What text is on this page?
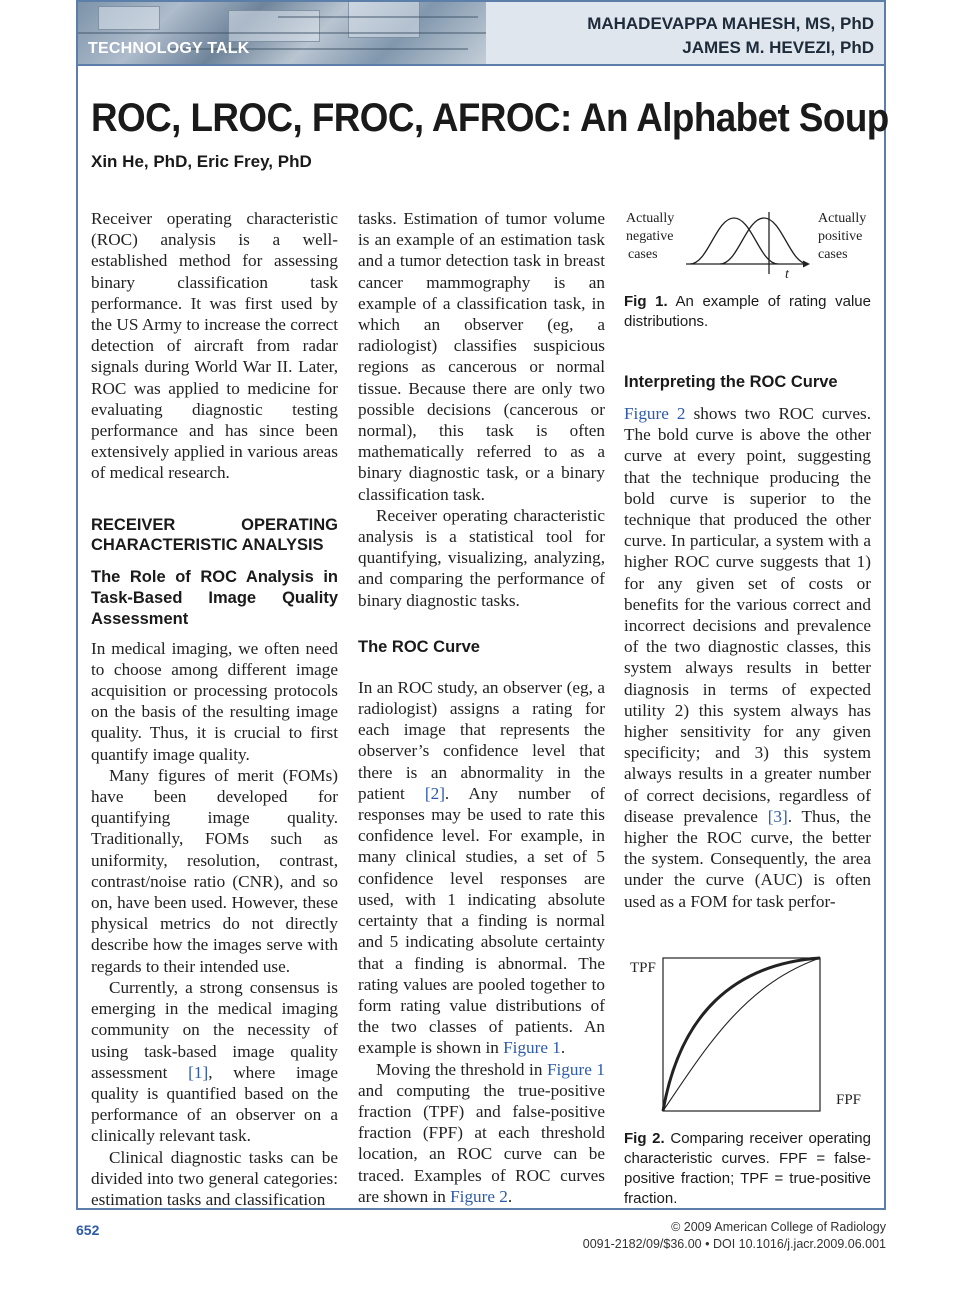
TECHNOLOGY TALK
MAHADEVAPPA MAHESH, MS, PhD
JAMES M. HEVEZI, PhD
ROC, LROC, FROC, AFROC: An Alphabet Soup
Xin He, PhD, Eric Frey, PhD

Receiver operating characteristic (ROC) analysis is a well-established method for assessing binary classification task performance. It was first used by the US Army to increase the correct detection of aircraft from radar signals during World War II. Later, ROC was applied to medicine for evaluating diagnostic testing performance and has since been extensively applied in various areas of medical research.

RECEIVER OPERATING CHARACTERISTIC ANALYSIS

The Role of ROC Analysis in Task-Based Image Quality Assessment

In medical imaging, we often need to choose among different image acquisition or processing protocols on the basis of the resulting image quality. Thus, it is crucial to first quantify image quality.

Many figures of merit (FOMs) have been developed for quantifying image quality. Traditionally, FOMs such as uniformity, resolution, contrast, contrast/noise ratio (CNR), and so on, have been used. However, these physical metrics do not directly describe how the images serve with regards to their intended use.

Currently, a strong consensus is emerging in the medical imaging community on the necessity of using task-based image quality assessment [1], where image quality is quantified based on the performance of an observer on a clinically relevant task.

Clinical diagnostic tasks can be divided into two general categories: estimation tasks and classification

tasks. Estimation of tumor volume is an example of an estimation task and a tumor detection task in breast cancer mammography is an example of a classification task, in which an observer (eg, a radiologist) classifies suspicious regions as cancerous or normal tissue. Because there are only two possible decisions (cancerous or normal), this task is often mathematically referred to as a binary diagnostic task, or a binary classification task.

Receiver operating characteristic analysis is a statistical tool for quantifying, visualizing, analyzing, and comparing the performance of binary diagnostic tasks.

The ROC Curve

In an ROC study, an observer (eg, a radiologist) assigns a rating for each image that represents the observer’s confidence level that there is an abnormality in the patient [2]. Any number of responses may be used to rate this confidence level. For example, in many clinical studies, a set of 5 confidence level responses are used, with 1 indicating absolute certainty that a finding is normal and 5 indicating absolute certainty that a finding is abnormal. The rating values are pooled together to form rating value distributions of the two classes of patients. An example is shown in Figure 1.

Moving the threshold in Figure 1 and computing the true-positive fraction (TPF) and false-positive fraction (FPF) at each threshold location, an ROC curve can be traced. Examples of ROC curves are shown in Figure 2.

Actually
negative
cases
Actually
positive
cases
t

Fig 1. An example of rating value distributions.

Interpreting the ROC Curve

Figure 2 shows two ROC curves. The bold curve is above the other curve at every point, suggesting that the technique producing the bold curve is superior to the technique that produced the other curve. In particular, a system with a higher ROC curve suggests that 1) for any given set of costs or benefits for the various correct and incorrect decisions and prevalence of the two diagnostic classes, this system always results in better diagnosis in terms of expected utility 2) this system always has higher sensitivity for any given specificity; and 3) this system always results in a greater number of correct decisions, regardless of disease prevalence [3]. Thus, the higher the ROC curve, the better the system. Consequently, the area under the curve (AUC) is often used as a FOM for task perfor-

TPF
FPF

Fig 2. Comparing receiver operating characteristic curves. FPF = false-positive fraction; TPF = true-positive fraction.

652	© 2009 American College of Radiology
0091-2182/09/$36.00 • DOI 10.1016/j.jacr.2009.06.001
